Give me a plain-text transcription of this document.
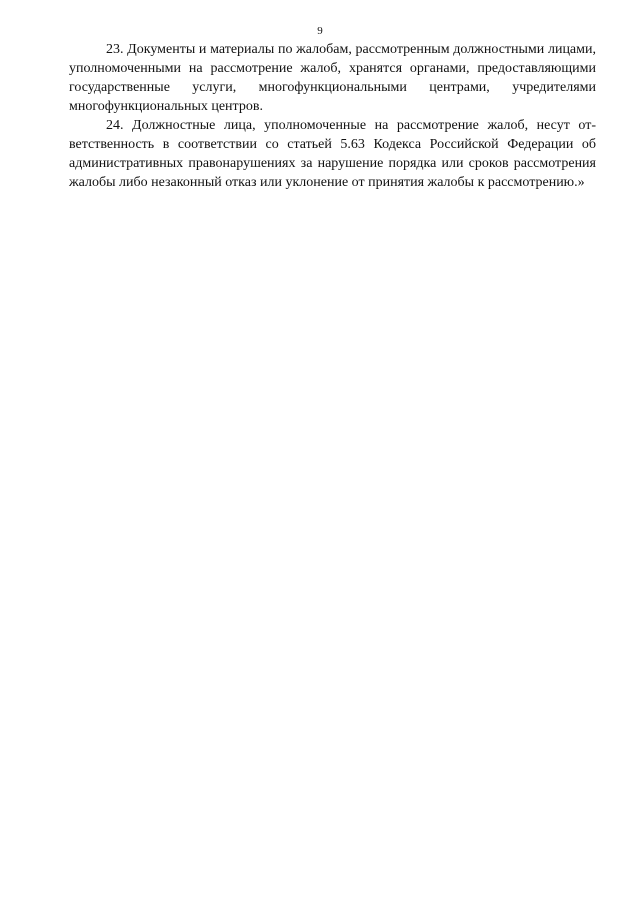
9

23. Документы и материалы по жалобам, рассмотренным должностными лицами, уполномоченными на рассмотрение жалоб, хранятся органами, предоставляющими государственные услуги, многофункциональными центрами, учредителями многофункциональных центров.

24. Должностные лица, уполномоченные на рассмотрение жалоб, несут ответственность в соответствии со статьей 5.63 Кодекса Российской Федерации об административных правонарушениях за нарушение порядка или сроков рассмотрения жалобы либо незаконный отказ или уклонение от принятия жалобы к рассмотрению.»
